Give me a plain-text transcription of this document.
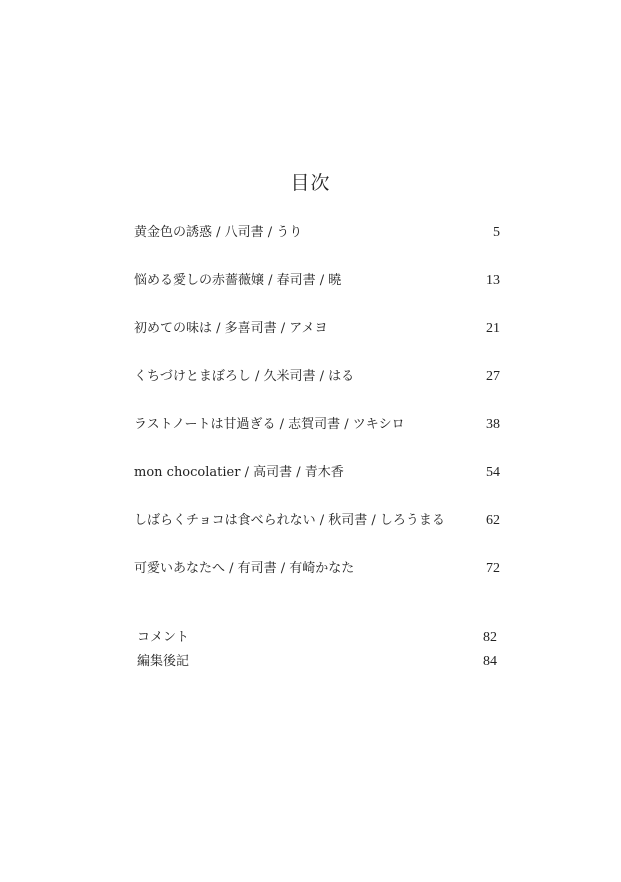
目次
黄金色の誘惑 / 八司書 / うり	5
悩める愛しの赤薔薇嬢 / 春司書 / 曉	13
初めての味は / 多喜司書 / アメヨ	21
くちづけとまぼろし / 久米司書 / はる	27
ラストノートは甘過ぎる / 志賀司書 / ツキシロ	38
mon chocolatier / 高司書 / 青木香	54
しばらくチョコは食べられない / 秋司書 / しろうまる	62
可愛いあなたへ / 有司書 / 有崎かなた	72
コメント	82
編集後記	84
